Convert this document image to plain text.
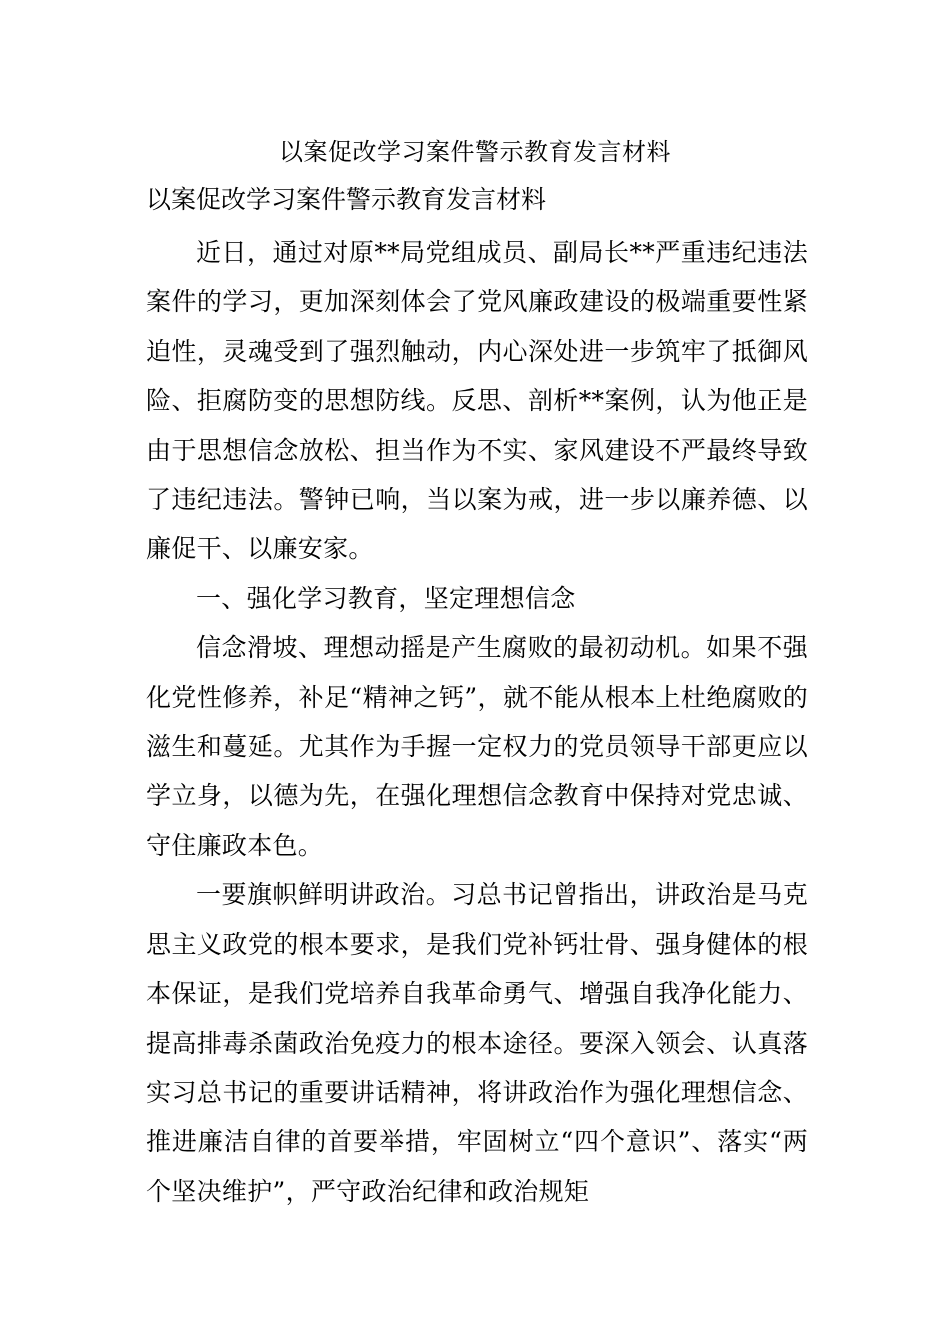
以案促改学习案件警示教育发言材料
以案促改学习案件警示教育发言材料

近日，通过对原**局党组成员、副局长**严重违纪违法案件的学习，更加深刻体会了党风廉政建设的极端重要性紧迫性，灵魂受到了强烈触动，内心深处进一步筑牢了抵御风险、拒腐防变的思想防线。反思、剖析**案例，认为他正是由于思想信念放松、担当作为不实、家风建设不严最终导致了违纪违法。警钟已响，当以案为戒，进一步以廉养德、以廉促干、以廉安家。

一、强化学习教育，坚定理想信念

信念滑坡、理想动摇是产生腐败的最初动机。如果不强化党性修养，补足“精神之钙”，就不能从根本上杜绝腐败的滋生和蔓延。尤其作为手握一定权力的党员领导干部更应以学立身，以德为先，在强化理想信念教育中保持对党忠诚、守住廉政本色。

一要旗帜鲜明讲政治。习总书记曾指出，讲政治是马克思主义政党的根本要求，是我们党补钙壮骨、强身健体的根本保证，是我们党培养自我革命勇气、增强自我净化能力、提高排毒杀菌政治免疫力的根本途径。要深入领会、认真落实习总书记的重要讲话精神，将讲政治作为强化理想信念、推进廉洁自律的首要举措，牢固树立“四个意识”、落实“两个坚决维护”，严守政治纪律和政治规矩
